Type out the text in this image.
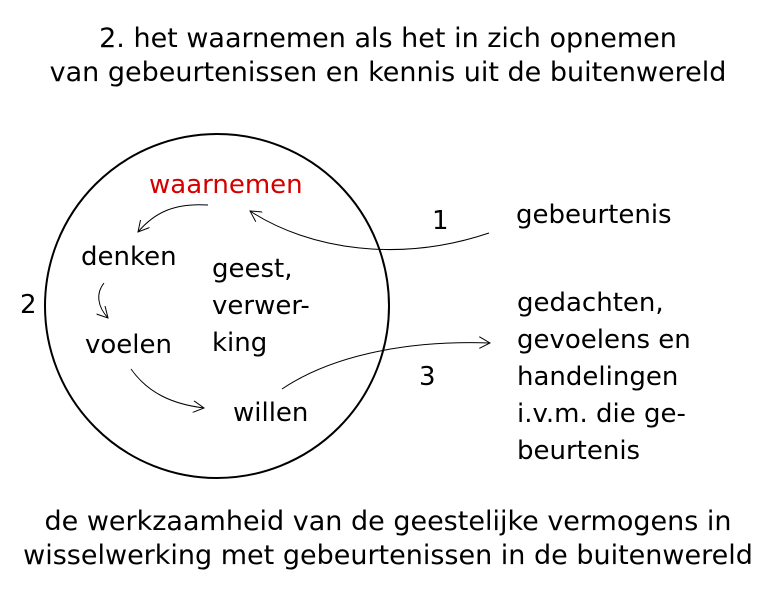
2. het waarnemen als het in zich opnemen
van gebeurtenissen en kennis uit de buitenwereld
waarnemen
denken
voelen
willen
geest,
verwer-
king
2
1
3
gebeurtenis
gedachten,
gevoelens en
handelingen
i.v.m. die ge-
beurtenis
de werkzaamheid van de geestelijke vermogens in
wisselwerking met gebeurtenissen in de buitenwereld
